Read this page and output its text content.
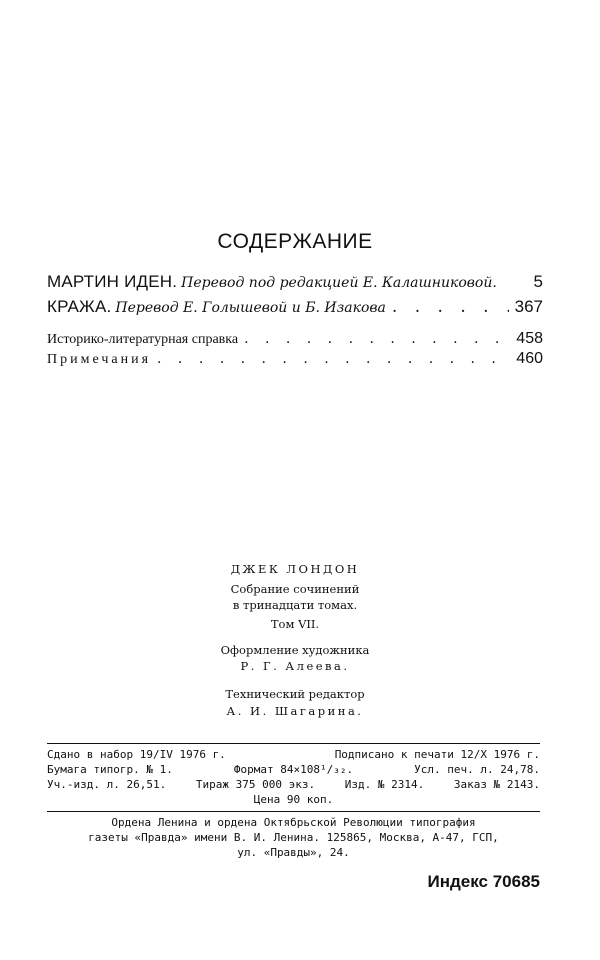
СОДЕРЖАНИЕ
МАРТИН ИДЕН. Перевод под редакцией Е. Калашниковой. 5
КРАЖА. Перевод Е. Голышевой и Б. Изакова . . .	367
Историко-литературная справка . . .	458
Примечания . . .	460
ДЖЕК ЛОНДОН
Собрание сочинений
в тринадцати томах.
Том VII.
Оформление художника
Р. Г. Алеева.
Технический редактор
А. И. Шагарина.
Сдано в набор 19/IV 1976 г.	Подписано к печати 12/X 1976 г.
Бумага типогр. № 1.	Формат 84×108¹/₃₂.	Усл. печ. л. 24,78.
Уч.-изд. л. 26,51.	Тираж 375 000 экз.	Изд. № 2314.	Заказ № 2143.
Цена 90 коп.
Ордена Ленина и ордена Октябрьской Революции типография
газеты «Правда» имени В. И. Ленина. 125865, Москва, А-47, ГСП,
ул. «Правды», 24.
Индекс 70685
